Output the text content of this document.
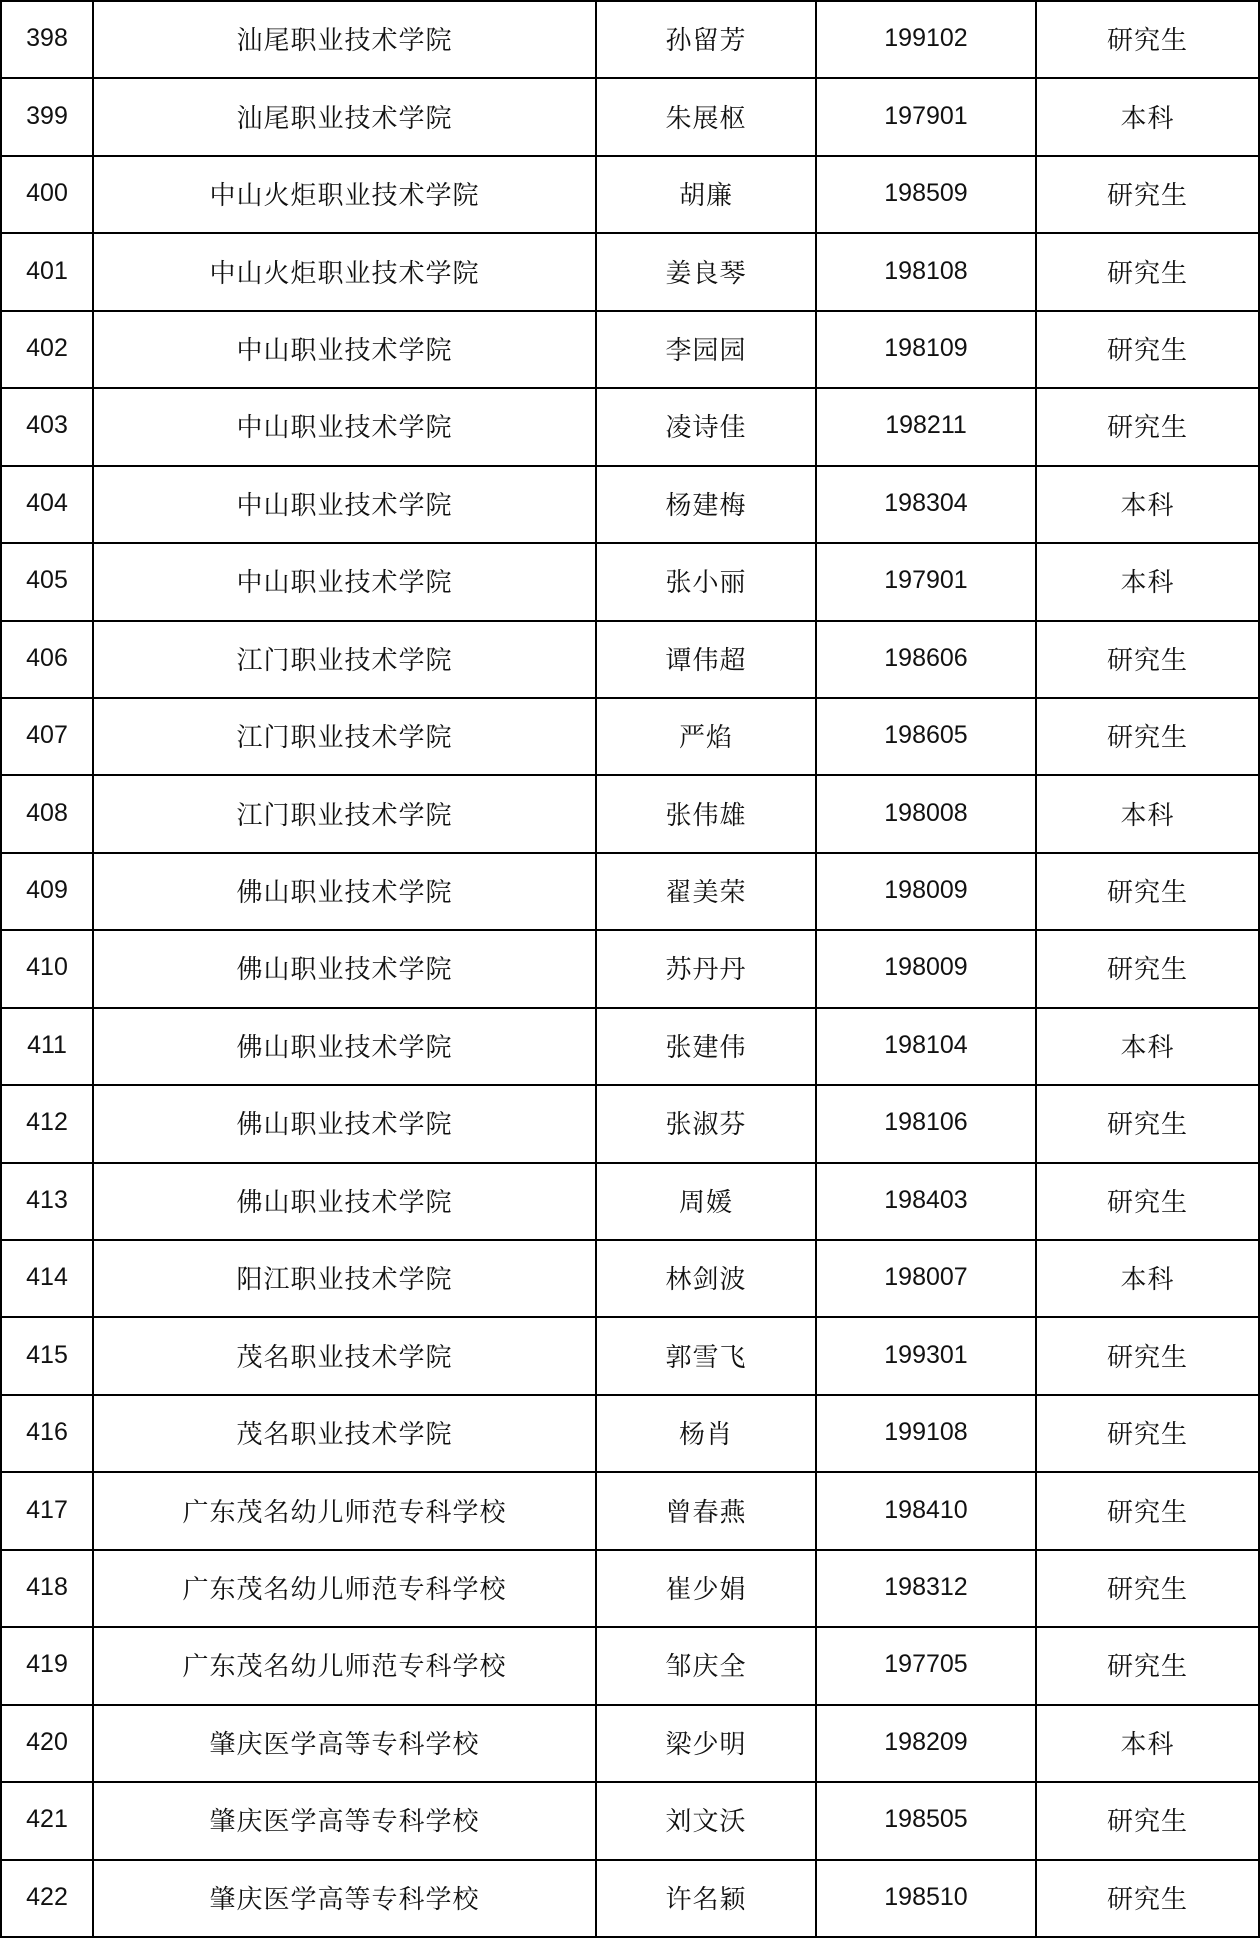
398	汕尾职业技术学院	孙留芳	199102	研究生
399	汕尾职业技术学院	朱展枢	197901	本科
400	中山火炬职业技术学院	胡廉	198509	研究生
401	中山火炬职业技术学院	姜良琴	198108	研究生
402	中山职业技术学院	李园园	198109	研究生
403	中山职业技术学院	凌诗佳	198211	研究生
404	中山职业技术学院	杨建梅	198304	本科
405	中山职业技术学院	张小丽	197901	本科
406	江门职业技术学院	谭伟超	198606	研究生
407	江门职业技术学院	严焰	198605	研究生
408	江门职业技术学院	张伟雄	198008	本科
409	佛山职业技术学院	翟美荣	198009	研究生
410	佛山职业技术学院	苏丹丹	198009	研究生
411	佛山职业技术学院	张建伟	198104	本科
412	佛山职业技术学院	张淑芬	198106	研究生
413	佛山职业技术学院	周媛	198403	研究生
414	阳江职业技术学院	林剑波	198007	本科
415	茂名职业技术学院	郭雪飞	199301	研究生
416	茂名职业技术学院	杨肖	199108	研究生
417	广东茂名幼儿师范专科学校	曾春燕	198410	研究生
418	广东茂名幼儿师范专科学校	崔少娟	198312	研究生
419	广东茂名幼儿师范专科学校	邹庆全	197705	研究生
420	肇庆医学高等专科学校	梁少明	198209	本科
421	肇庆医学高等专科学校	刘文沃	198505	研究生
422	肇庆医学高等专科学校	许名颖	198510	研究生
